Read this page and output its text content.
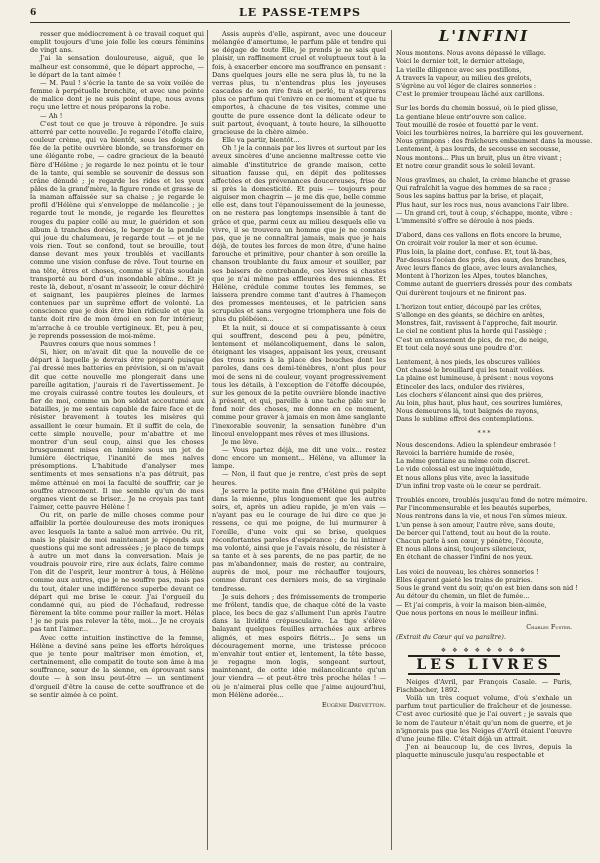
6	LE PASSE-TEMPS

resser que médiocrement à ce travail coquet qui emplit toujours d'une joie folle les cœurs féminins de vingt ans.

J'ai la sensation douloureuse, aiguë, que le malheur est consommé, que le départ approche, — le départ de la tant aimée !

— M. Paul ! s'écrie la tante de sa voix voilée de femme à perpétuelle bronchite, et avec une pointe de malice dont je ne suis point dupe, nous avons reçu une lettre et nous préparons la robe.

— Ah !

C'est tout ce que je trouve à répondre. Je suis atterré par cette nouvelle. Je regarde l'étoffe claire, couleur crème, qui va bientôt, sous les doigts de fée de la petite ouvrière blonde, se transformer en une élégante robe, — cadre gracieux de la beauté fière d'Hélène ; je regarde le nez pointu et le tour de la tante, qui semble se souvenir de dessus son crâne dénudé ; je regarde les rides et les yeux pâles de la grand'mère, la figure ronde et grasse de la maman affaissée sur sa chaise ; je regarde le profil d'Hélène qui s'enveloppe de mélancolie ; je regarde tout le monde, je regarde les fleurettes rouges du papier collé au mur, le guéridon et son album à tranches dorées, le berger de la pendule qui joue du chalumeau, je regarde tout — et je ne vois rien. Tout se confond, tout se brouille, tout danse devant mes yeux troublés et vacillants comme une vision confuse de rêve. Tout tourne en ma tête, êtres et choses, comme si j'étais soudain transporté au bord d'un insondable abîme... Et je reste là, debout, n'osant m'asseoir, le cœur déchiré et saignant, les paupières pleines de larmes contenues par un suprême effort de volonté. La conscience que je dois être bien ridicule et que la tante doit rire de mon émoi en son for intérieur, m'arrache à ce trouble vertigineux. Et, peu à peu, je reprends possession de moi-même.

Pauvres cœurs que nous sommes !

Si, hier, on m'avait dit que la nouvelle de ce départ à laquelle je devrais être préparé puisque j'ai dressé mes batteries en prévision, si on m'avait dit que cette nouvelle me plongerait dans une pareille agitation, j'aurais ri de l'avertissement. Je me croyais cuirassé contre toutes les douleurs, et fier de moi, comme un bon soldat accoutumé aux batailles, je me sentais capable de faire face et de résister bravement à toutes les misères qui assaillent le cœur humain. Et il suffit de cela, de cette simple nouvelle, pour m'abattre et me montrer d'un seul coup, ainsi que les choses brusquement mises en lumière sous un jet de lumière électrique, l'inanité de mes naïves présomptions. L'habitude d'analyser mes sentiments et mes sensations n'a pas détruit, pas même atténué en moi la faculté de souffrir, car je souffre atrocement. Il me semble qu'un de mes organes vient de se briser... Je ne croyais pas tant l'aimer, cette pauvre Hélène !

Ou rit, on parle de mille choses comme pour affaiblir la portée douloureuse des mots ironiques avec lesquels la tante a salué mon arrivée. Ou rit, mais le plaisir de moi maintenant je réponds aux questions qui me sont adressées ; je place de temps à autre un mot dans la conversation. Mais je voudrais pouvoir rire, rire aux éclats, faire comme l'on dit de l'esprit, leur montrer à tous, à Hélène comme aux autres, que je ne souffre pas, mais pas du tout, étaler une indifférence superbe devant ce départ qui me brise le cœur. J'ai l'orgueil du condamné qui, au pied de l'échafaud, redresse fièrement la tête comme pour railler la mort. Hélas ! je ne puis pas relever la tête, moi... Je ne croyais pas tant l'aimer...

Avec cette intuition instinctive de la femme, Hélène a deviné sans peine les efforts héroïques que je tente pour maîtriser mon émotion, et, certainement, elle compatit de toute son âme à ma souffrance, sœur de la sienne, en éprouvant sans doute — à son insu peut-être — un sentiment d'orgueil d'être la cause de cette souffrance et de se sentir aimée à ce point.

Assis auprès d'elle, aspirant, avec une douceur mélangée d'amertume, le parfum pâle et tendre qui se dégage de toute Elle, je prends je ne sais quel plaisir, un raffinement cruel et voluptueux tout à la fois, à exacerber encore ma souffrance en pensant : Dans quelques jours elle ne sera plus là, tu ne la verras plus, tu n'entendras plus les joyeuses cascades de son rire frais et perlé, tu n'aspireras plus ce parfum qui t'enivre en ce moment et que tu emportes, à chacune de tes visites, comme une goutte de pure essence dont la délicate odeur te suit partout, évoquant, à toute heure, la silhouette gracieuse de la chère aimée.

Elle va partir, bientôt...

Oh ! je la connais par les livres et surtout par les aveux sincères d'une ancienne maîtresse cette vie aimable d'institutrice de grande maison, cette situation fausse qui, en dépit des politesses affectées et des prévenances doucereuses, frise de si près la domesticité. Et puis — toujours pour aiguiser mon chagrin — je me dis que, belle comme elle est, dans tout l'épanouissement de la jeunesse, on ne restera pas longtemps insensible à tant de grâce et que, parmi ceux au milieu desquels elle va vivre, il se trouvera un homme que je ne connais pas, que je ne connaîtrai jamais, mais que je hais déjà, de toutes les forces de mon être, d'une haine farouche et primitive, pour chanter à son oreille la chanson troublante du faux amour et souiller, par ses baisers de contrebande, ces lèvres si chastes que je n'ai même pas effleurées des miennes. Et Hélène, crédule comme toutes les femmes, se laissera prendre comme tant d'autres à l'hameçon des promesses menteuses, et le patricien sans scrupules et sans vergogne triomphera une fois de plus du plébéien...

Et la nuit, si douce et si compatissante à ceux qui souffrent, descend peu à peu, pénètre, lentement et mélancoliquement, dans le salon, éteignant les visages, appaisant les yeux, creusant des trous noirs à la place des bouches dont les paroles, dans ces demi-ténèbres, n'ont plus pour moi de sens ni de couleur, voyant progressivement tous les détails, à l'exception de l'étoffe découpée, sur les genoux de la petite ouvrière blonde inactive à présent, et qui, pareille à une tache pâle sur le fond noir des choses, me donne en ce moment, comme pour graver à jamais en mon âme sanglante l'inexorable souvenir, la sensation funèbre d'un linceul enveloppant mes rêves et mes illusions.

Je me lève.

— Vous partez déjà, me dit une voix... restez donc encore un moment... Hélène, va allumer la lampe.

— Non, il faut que je rentre, c'est près de sept heures.

Je serre la petite main fine d'Hélène qui palpite dans la mienne, plus longuement que les autres soirs, et, après un adieu rapide, je m'en vais — n'ayant pas eu le courage de lui dire ce que je ressens, ce qui me poigne, de lui murmurer à l'oreille, d'une voix qui se brise, quelques réconfortantes paroles d'espérance ; de lui intimer ma volonté, ainsi que je l'avais résolu, de résister à sa tante et à ses parents, de ne pas partir, de ne pas m'abandonner, mais de rester, au contraire, auprès de moi, pour me réchauffer toujours, comme durant ces derniers mois, de sa virginale tendresse.

Je suis dehors ; des frémissements de tromperie me frôlent, tandis que, de chaque côté de la vaste place, les becs de gaz s'allument l'un après l'autre dans la lividité crépusculaire. La tige s'élève balayant quelques feuilles arrachées aux arbres alignés, et mes espoirs flétris... Je sens un découragement morne, une tristesse précoce m'envahir tout entier et, lentement, la tête basse, je regagne mon logis, songeant surtout, maintenant, de cette idée mélancolicante qu'un jour viendra — et peut-être très proche hélas ! — où je n'aimerai plus celle que j'aime aujourd'hui, mon Hélène adorée...

Eugène Drevetton.
L'INFINI
Nous montons. Nous avons dépassé le village.
Voici le dernier toit, le dernier attelage,
La vieille diligence avec ses postillons,
A travers la vapeur, au milieu des grelots,
S'égrène au vol léger de claires sonneries :
C'est le premier troupeau lâché aux carillons.
Sur les bords du chemin bossué, où le pied glisse,
La gentiane bleue entr'ouvre son calice.
Tout mouillé de rosée et fouetté par le vent.
Voici les tourbières noires, la barrière qui les gouvernent.
Nous grimpons : des fraîcheurs embaument dans la mousse.
Lentement, à pas lourds, de secousse en secousse,
Nous montons... Plus un bruit, plus un être vivant ;
Et notre cœur grandit sous le soleil levant.
Nous gravîmes, au chalet, la crème blanche et grasse
Qui rafraîchit la vague des hommes de sa race ;
Sous les sapins battus par la brise, et plaçait,
Plus haut, sur les rocs nus, nous avancions l'air libre.
— Un grand cri, tout à coup, s'échappe, monte, vibre :
L'immensité s'offre se déroule à nos pieds.
D'abord, dans ces vallons en flots encore la brume,
On croirait voir rouler la mer et son écume.
Plus loin, la plaine dort, confuse. Et, tout là-bas,
Par-dessus l'océan des prés, des eaux, des branches,
Avec leurs flancs de glace, avec leurs avalanches,
Montent à l'horizon les Alpes, toutes blanches,
Comme autant de guerriers dressés pour des combats
Qui durèrent toujours et ne finiront pas.
L'horizon tout entier, découpé par les crêtes,
S'allonge en des géants, se déchire en arêtes,
Monstres, fait, ravissent à l'approche, fait mourir.
Le ciel ne contient plus la horde qui l'assiège ;
C'est un entassement de pics, de roc, de neige,
Et tout cela noyé sous une poudre d'or.
Lentement, à nos pieds, les obscures vallées
Ont chassé le brouillard qui les tenait voilées.
La plaine est lumineuse, à présent : nous voyons
Étinceler des lacs, onduler des rivières,
Les clochers s'élancent ainsi que des prières,
Au loin, plus haut, plus haut, ces sourires lumières,
Nous demeurons là, tout baignés de rayons,
Dans le sublime effroi des contemplations.
* * *
Nous descendons. Adieu la splendeur embrasée !
Revoici la barrière humide de rosée,
La même gentiane au même coin discret.
Le vide colossal est une inquiétude,
Et nous allons plus vite, avec la lassitude
D'un infini trop vaste où le cœur se perdrait.
Troublés encore, troublés jusqu'au fond de notre mémoire.
Par l'incommensurable et les beautés superbes,
Nous rentrons dans la vie, et nous l'en sûmes mieux.
L'un pense à son amour, l'autre rêve, sans doute,
De bercer qui l'attend, tout au bout de la route.
Chacun parle à son cœur, y pénètre, l'écoute,
Et nous allons ainsi, toujours silencieux,
En étchant de chasser l'infini de nos yeux.
Les voici de nouveau, les chères sonneries !
Elles égarent gaieté les trains de prairies.
Sous le grand vent du soir, qu'on est bien dans son nid !
Au détour du chemin, un filet de fumée...
— Et j'ai compris, à voir la maison bien-aimée,
Que nous portons en nous le meilleur infini.
Charles Fuster.
(Extrait du Cœur qui va paraître).
❖ ❖ ❖ ❖ ❖ ❖ ❖ ❖
LES LIVRES

Neiges d'Avril, par François Casale. — Paris, Fischbacher, 1892.

Voilà un très coquet volume, d'où s'exhale un parfum tout particulier de fraîcheur et de jeunesse. C'est avec curiosité que je l'ai ouvert ; je savais que le nom de l'auteur n'était qu'un nom de guerre, et je n'ignorais pas que les Neiges d'Avril étaient l'œuvre d'une jeune fille. C'était déjà un attrait.

J'en ai beaucoup lu, de ces livres, depuis la plaquette minuscule jusqu'au respectable et
